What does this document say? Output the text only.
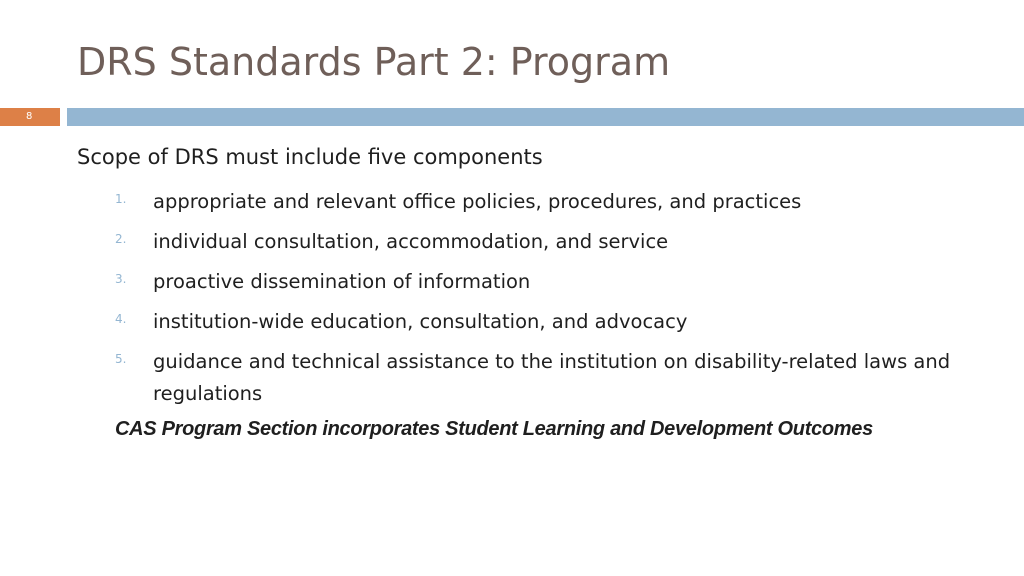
DRS Standards Part 2: Program
8
Scope of DRS must include five components
1. appropriate and relevant office policies, procedures, and practices
2. individual consultation, accommodation, and service
3. proactive dissemination of information
4. institution-wide education, consultation, and advocacy
5. guidance and technical assistance to the institution on disability-related laws and regulations
CAS Program Section incorporates Student Learning and Development Outcomes
